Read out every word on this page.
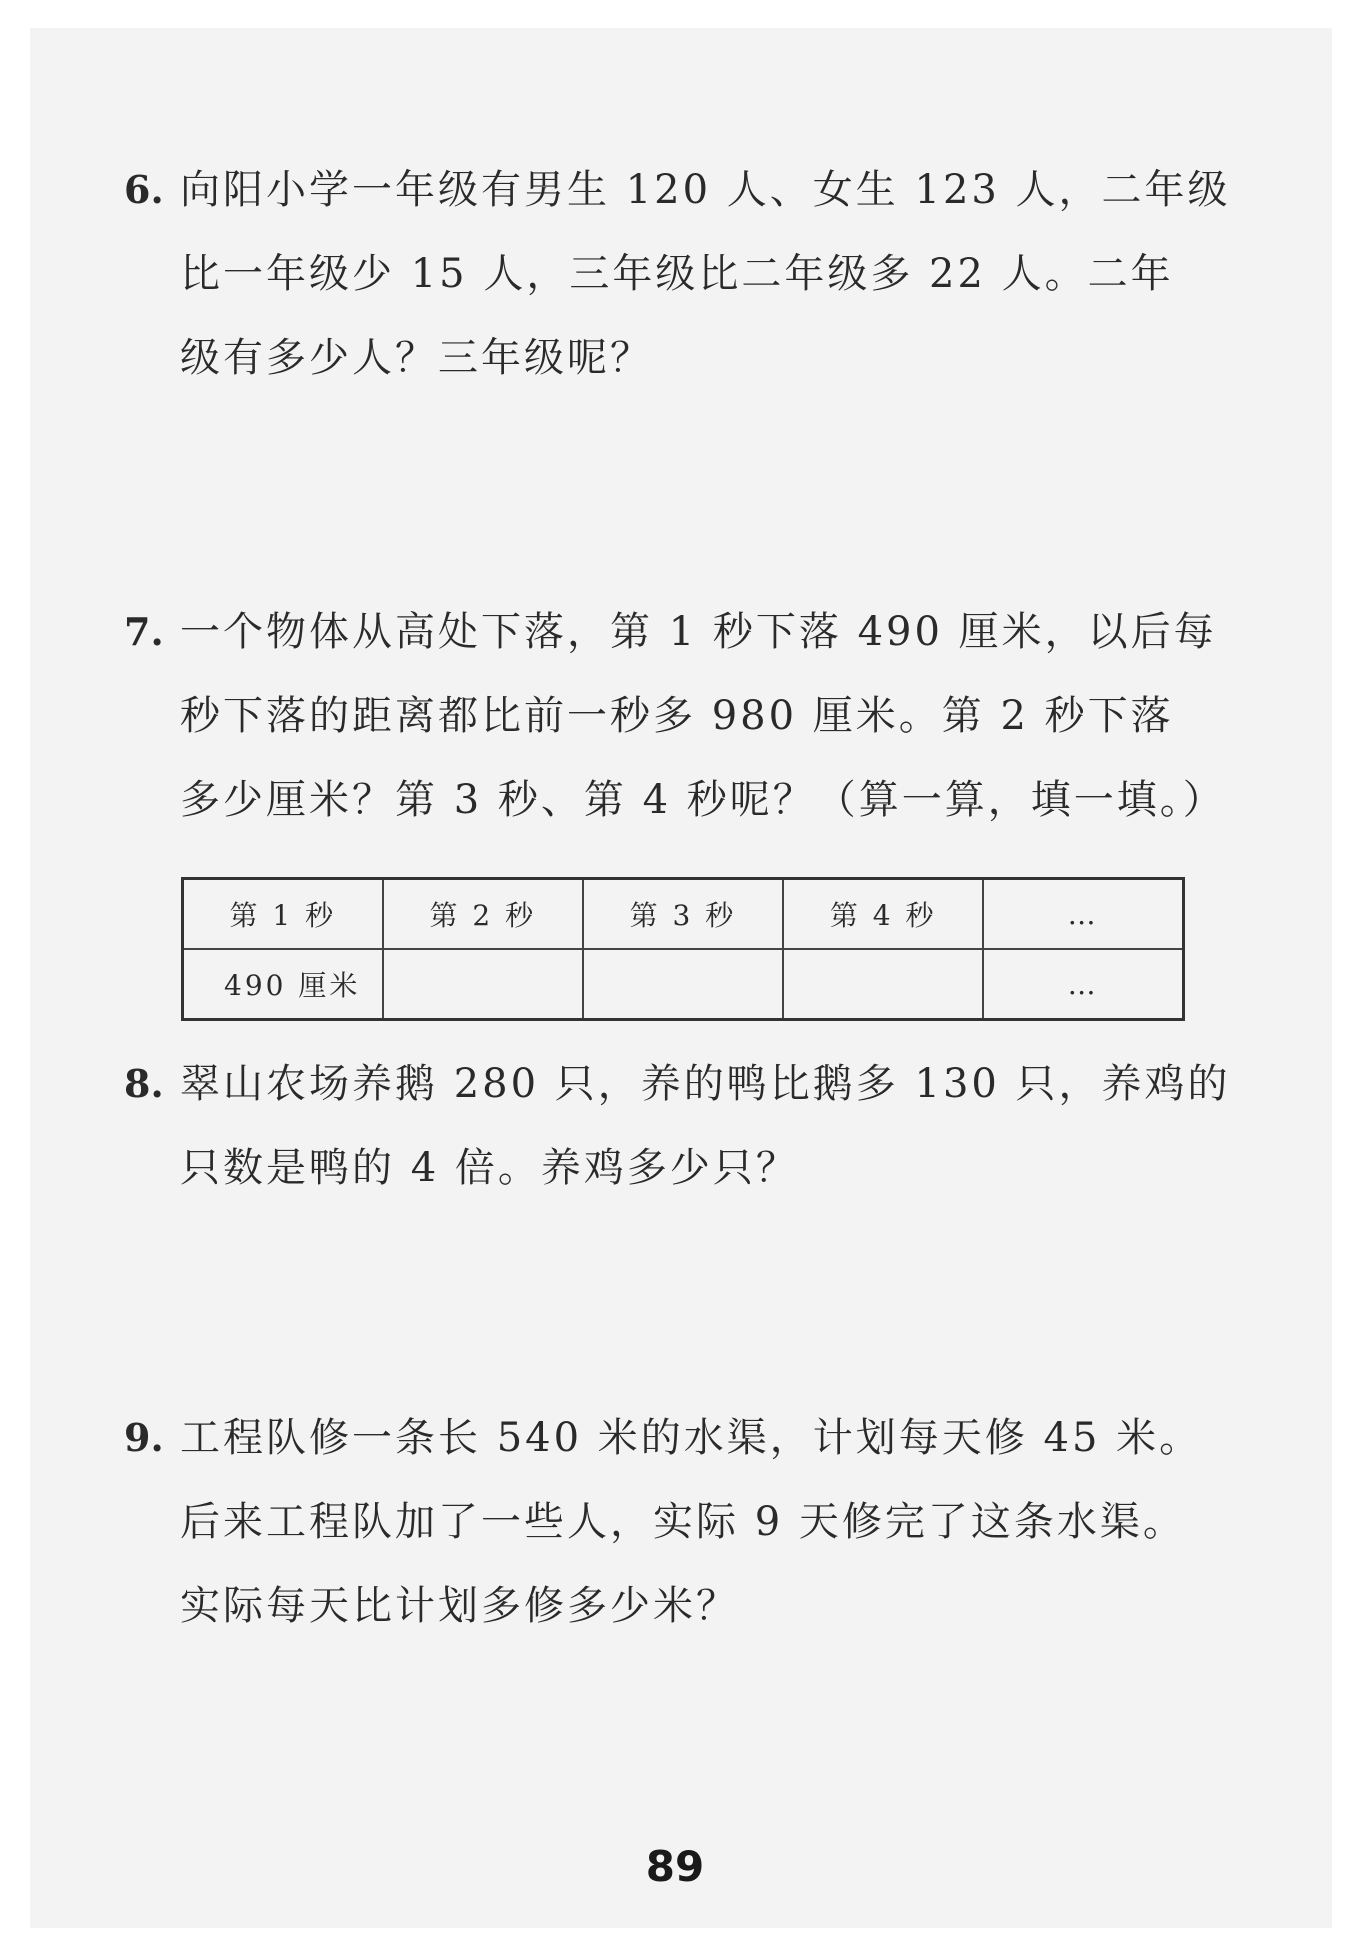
6. 向阳小学一年级有男生 120 人、女生 123 人，二年级
比一年级少 15 人，三年级比二年级多 22 人。二年
级有多少人？三年级呢？
7. 一个物体从高处下落，第 1 秒下落 490 厘米，以后每
秒下落的距离都比前一秒多 980 厘米。第 2 秒下落
多少厘米？第 3 秒、第 4 秒呢？（算一算，填一填。）
第 1 秒	第 2 秒	第 3 秒	第 4 秒	…
490 厘米				…
8. 翠山农场养鹅 280 只，养的鸭比鹅多 130 只，养鸡的
只数是鸭的 4 倍。养鸡多少只？
9. 工程队修一条长 540 米的水渠，计划每天修 45 米。
后来工程队加了一些人，实际 9 天修完了这条水渠。
实际每天比计划多修多少米？
89
